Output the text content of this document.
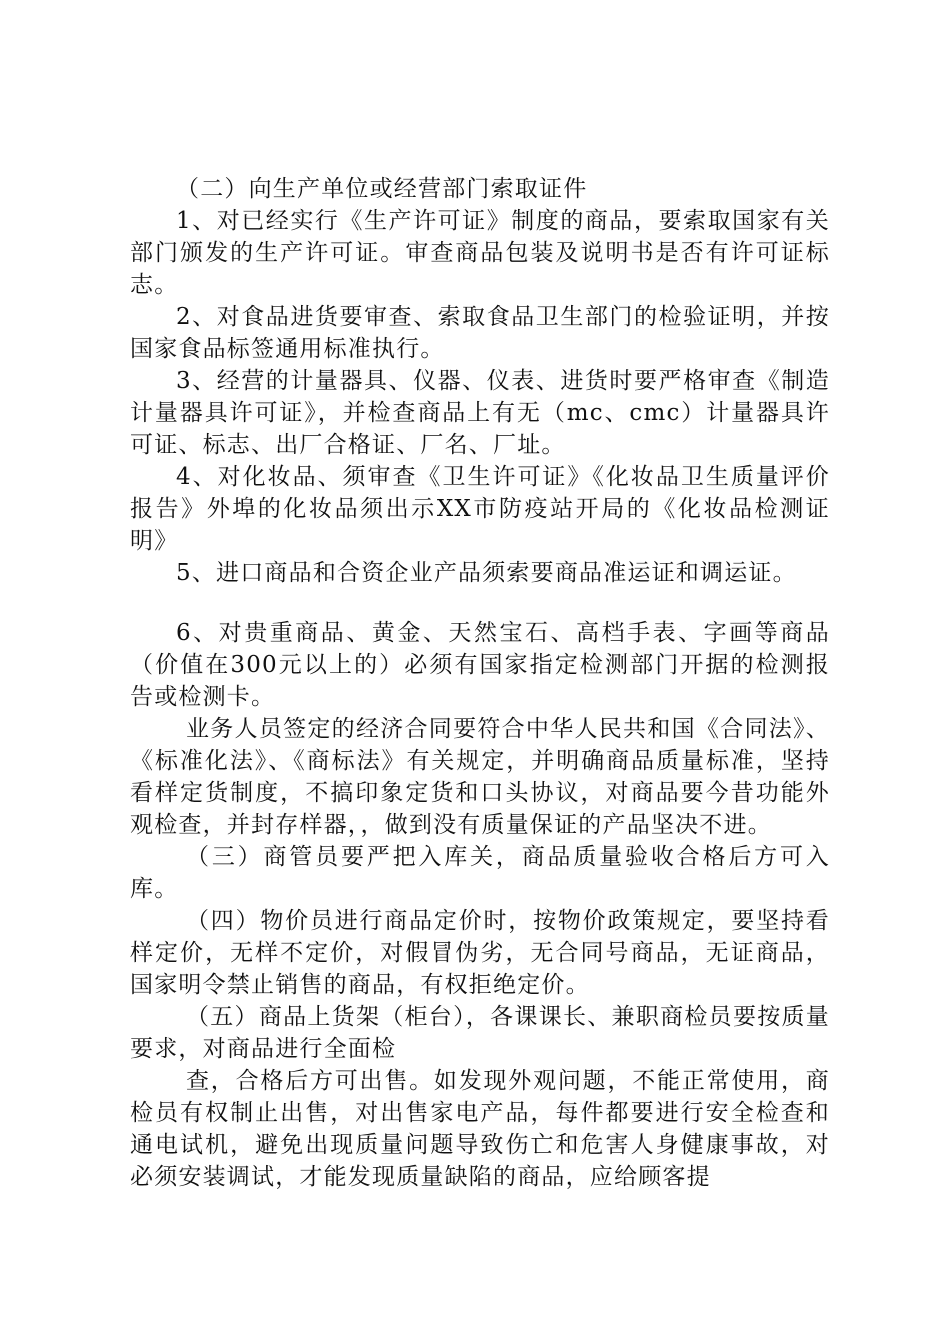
（二）向生产单位或经营部门索取证件

1、对已经实行《生产许可证》制度的商品，要索取国家有关部门颁发的生产许可证。审查商品包装及说明书是否有许可证标志。

2、对食品进货要审查、索取食品卫生部门的检验证明，并按国家食品标签通用标准执行。

3、经营的计量器具、仪器、仪表、进货时要严格审查《制造计量器具许可证》，并检查商品上有无（mc、cmc）计量器具许可证、标志、出厂合格证、厂名、厂址。

4、对化妆品、须审查《卫生许可证》《化妆品卫生质量评价报告》外埠的化妆品须出示XX市防疫站开局的《化妆品检测证明》

5、进口商品和合资企业产品须索要商品准运证和调运证。

6、对贵重商品、黄金、天然宝石、高档手表、字画等商品（价值在300元以上的）必须有国家指定检测部门开据的检测报告或检测卡。

业务人员签定的经济合同要符合中华人民共和国《合同法》、《标准化法》、《商标法》有关规定，并明确商品质量标准，坚持看样定货制度，不搞印象定货和口头协议，对商品要今昔功能外观检查，并封存样器，，做到没有质量保证的产品坚决不进。

（三）商管员要严把入库关，商品质量验收合格后方可入库。

（四）物价员进行商品定价时，按物价政策规定，要坚持看样定价，无样不定价，对假冒伪劣，无合同号商品，无证商品，国家明令禁止销售的商品，有权拒绝定价。

（五）商品上货架（柜台），各课课长、兼职商检员要按质量要求，对商品进行全面检

查，合格后方可出售。如发现外观问题，不能正常使用，商检员有权制止出售，对出售家电产品，每件都要进行安全检查和通电试机，避免出现质量问题导致伤亡和危害人身健康事故，对必须安装调试，才能发现质量缺陷的商品，应给顾客提
